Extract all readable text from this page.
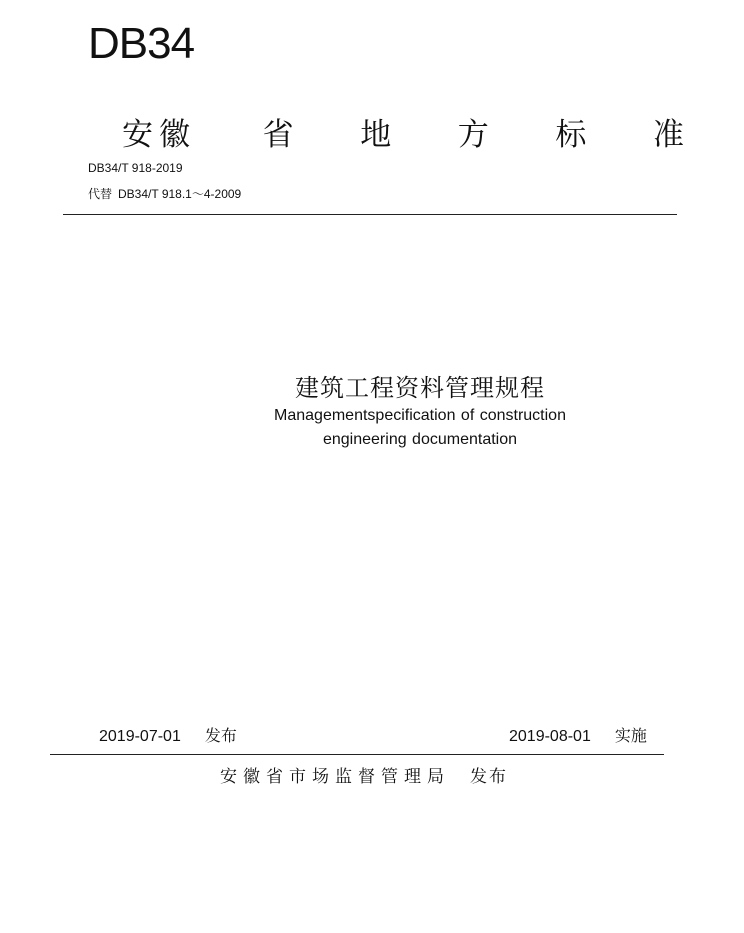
DB34
安徽 省 地 方 标 准
DB34/T 918-2019
代替 DB34/T 918.1～4-2009
建筑工程资料管理规程
Managementspecification of construction
engineering documentation
2019-07-01 发布	2019-08-01 实施
安徽省市场监督管理局 发布
